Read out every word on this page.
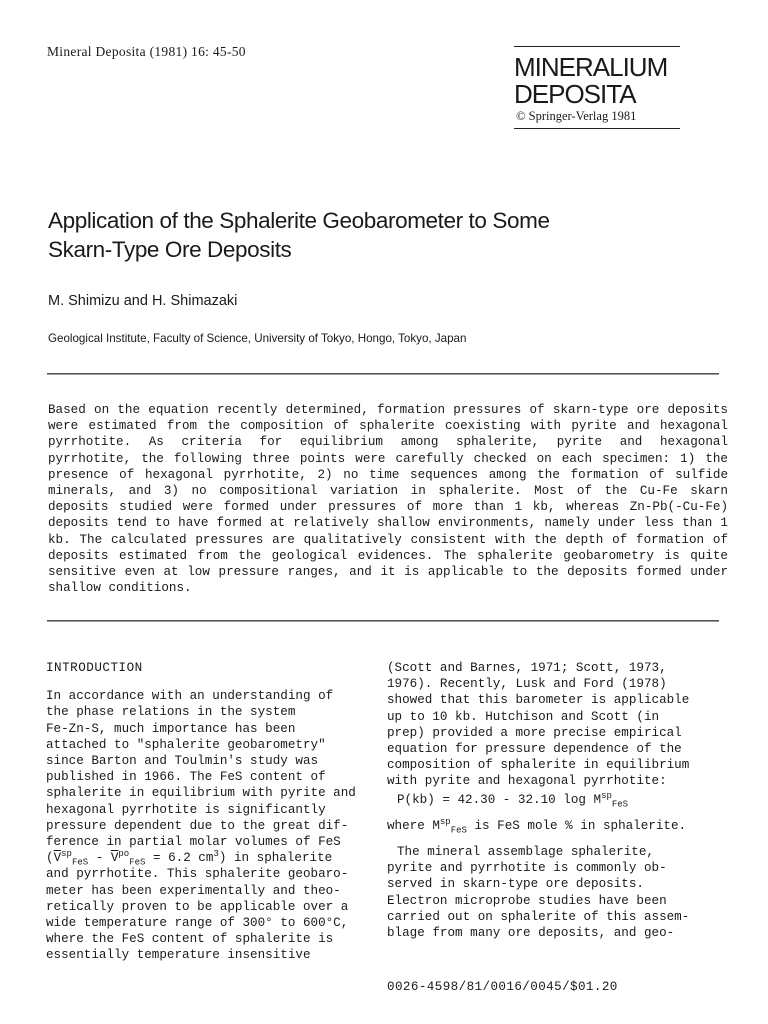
Mineral Deposita (1981) 16: 45-50
MINERALIUM
DEPOSITA
© Springer-Verlag 1981
Application of the Sphalerite Geobarometer to Some
Skarn-Type Ore Deposits
M. Shimizu and H. Shimazaki
Geological Institute, Faculty of Science, University of Tokyo, Hongo, Tokyo, Japan

Based on the equation recently determined, formation pressures of skarn-type ore deposits were estimated from the composition of sphalerite coexisting with pyrite and hexagonal pyrrhotite. As criteria for equilibrium among sphalerite, pyrite and hexagonal pyrrhotite, the following three points were carefully checked on each specimen: 1) the presence of hexagonal pyrrhotite, 2) no time sequences among the formation of sulfide minerals, and 3) no compositional variation in sphalerite. Most of the Cu-Fe skarn deposits studied were formed under pressures of more than 1 kb, whereas Zn-Pb(-Cu-Fe) deposits tend to have formed at relatively shallow environments, namely under less than 1 kb. The calculated pressures are qualitatively consistent with the depth of formation of deposits estimated from the geological evidences. The sphalerite geobarometry is quite sensitive even at low pressure ranges, and it is applicable to the deposits formed under shallow conditions.

INTRODUCTION

In accordance with an understanding of
the phase relations in the system
Fe-Zn-S, much importance has been
attached to "sphalerite geobarometry"
since Barton and Toulmin's study was
published in 1966. The FeS content of
sphalerite in equilibrium with pyrite and
hexagonal pyrrhotite is significantly
pressure dependent due to the great dif-
ference in partial molar volumes of FeS
($\overline{V}^{sp}_{FeS} - \overline{V}^{po}_{FeS} = 6.2$ $cm^3$) in sphalerite
and pyrrhotite. This sphalerite geobaro-
meter has been experimentally and theo-
retically proven to be applicable over a
wide temperature range of 300° to 600°C,
where the FeS content of sphalerite is
essentially temperature insensitive
(Scott and Barnes, 1971; Scott, 1973,
1976). Recently, Lusk and Ford (1978)
showed that this barometer is applicable
up to 10 kb. Hutchison and Scott (in
prep) provided a more precise empirical
equation for pressure dependence of the
composition of sphalerite in equilibrium
with pyrite and hexagonal pyrrhotite:

P(kb) = 42.30 - 32.10 $\log M^{sp}_{FeS}$

where $M^{sp}_{FeS}$ is FeS mole % in sphalerite.

The mineral assemblage sphalerite,
pyrite and pyrrhotite is commonly ob-
served in skarn-type ore deposits.
Electron microprobe studies have been
carried out on sphalerite of this assem-
blage from many ore deposits, and geo-
0026-4598/81/0016/0045/$01.20
